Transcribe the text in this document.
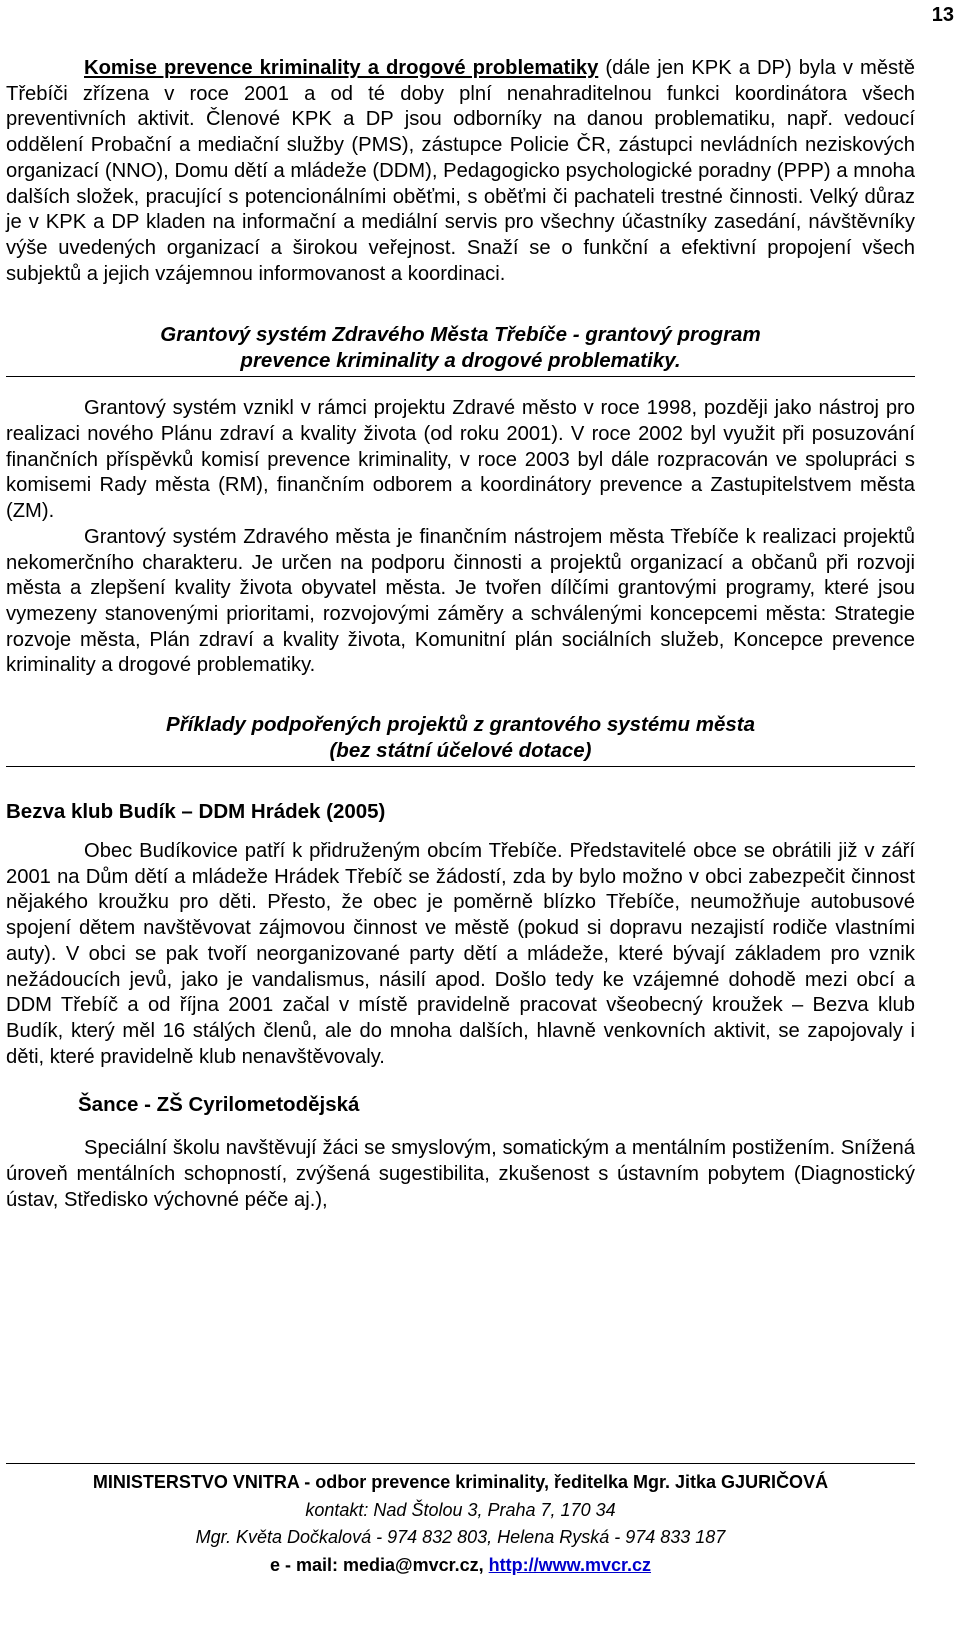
13

Komise prevence kriminality a drogové problematiky (dále jen KPK a DP) byla v městě Třebíči zřízena v roce 2001 a od té doby plní nenahraditelnou funkci koordinátora všech preventivních aktivit. Členové KPK a DP jsou odborníky na danou problematiku, např. vedoucí oddělení Probační a mediační služby (PMS), zástupce Policie ČR, zástupci nevládních neziskových organizací (NNO), Domu dětí a mládeže (DDM), Pedagogicko psychologické poradny (PPP) a mnoha dalších složek, pracující s potencionálními oběťmi, s oběťmi či pachateli trestné činnosti. Velký důraz je v KPK a DP kladen na informační a mediální servis pro všechny účastníky zasedání, návštěvníky výše uvedených organizací a širokou veřejnost. Snaží se o funkční a efektivní propojení všech subjektů a jejich vzájemnou informovanost a koordinaci.

Grantový systém Zdravého Města Třebíče - grantový program
prevence kriminality a drogové problematiky.

Grantový systém vznikl v rámci projektu Zdravé město v roce 1998, později jako nástroj pro realizaci nového Plánu zdraví a kvality života (od roku 2001). V roce 2002 byl využit při posuzování finančních příspěvků komisí prevence kriminality, v roce 2003 byl dále rozpracován ve spolupráci s komisemi Rady města (RM), finančním odborem a koordinátory prevence a Zastupitelstvem města (ZM).

Grantový systém Zdravého města je finančním nástrojem města Třebíče k realizaci projektů nekomerčního charakteru. Je určen na podporu činnosti a projektů organizací a občanů při rozvoji města a zlepšení kvality života obyvatel města. Je tvořen dílčími grantovými programy, které jsou vymezeny stanovenými prioritami, rozvojovými záměry a schválenými koncepcemi města: Strategie rozvoje města, Plán zdraví a kvality života, Komunitní plán sociálních služeb, Koncepce prevence kriminality a drogové problematiky.

Příklady podpořených projektů z grantového systému města
(bez státní účelové dotace)
Bezva klub Budík – DDM Hrádek (2005)

Obec Budíkovice patří k přidruženým obcím Třebíče. Představitelé obce se obrátili již v září 2001 na Dům dětí a mládeže Hrádek Třebíč se žádostí, zda by bylo možno v obci zabezpečit činnost nějakého kroužku pro děti. Přesto, že obec je poměrně blízko Třebíče, neumožňuje autobusové spojení dětem navštěvovat zájmovou činnost ve městě (pokud si dopravu nezajistí rodiče vlastními auty). V obci se pak tvoří neorganizované party dětí a mládeže, které bývají základem pro vznik nežádoucích jevů, jako je vandalismus, násilí apod. Došlo tedy ke vzájemné dohodě mezi obcí a DDM Třebíč a od října 2001 začal v místě pravidelně pracovat všeobecný kroužek – Bezva klub Budík, který měl 16 stálých členů, ale do mnoha dalších, hlavně venkovních aktivit, se zapojovaly i děti, které pravidelně klub nenavštěvovaly.

Šance - ZŠ Cyrilometodějská

Speciální školu navštěvují žáci se smyslovým, somatickým a mentálním postižením. Snížená úroveň mentálních schopností, zvýšená sugestibilita, zkušenost s ústavním pobytem (Diagnostický ústav, Středisko výchovné péče aj.),

MINISTERSTVO VNITRA - odbor prevence kriminality, ředitelka Mgr. Jitka GJURIČOVÁ
kontakt: Nad Štolou 3, Praha 7, 170 34
Mgr. Květa Dočkalová - 974 832 803, Helena Ryská - 974 833 187
e - mail: media@mvcr.cz, http://www.mvcr.cz
